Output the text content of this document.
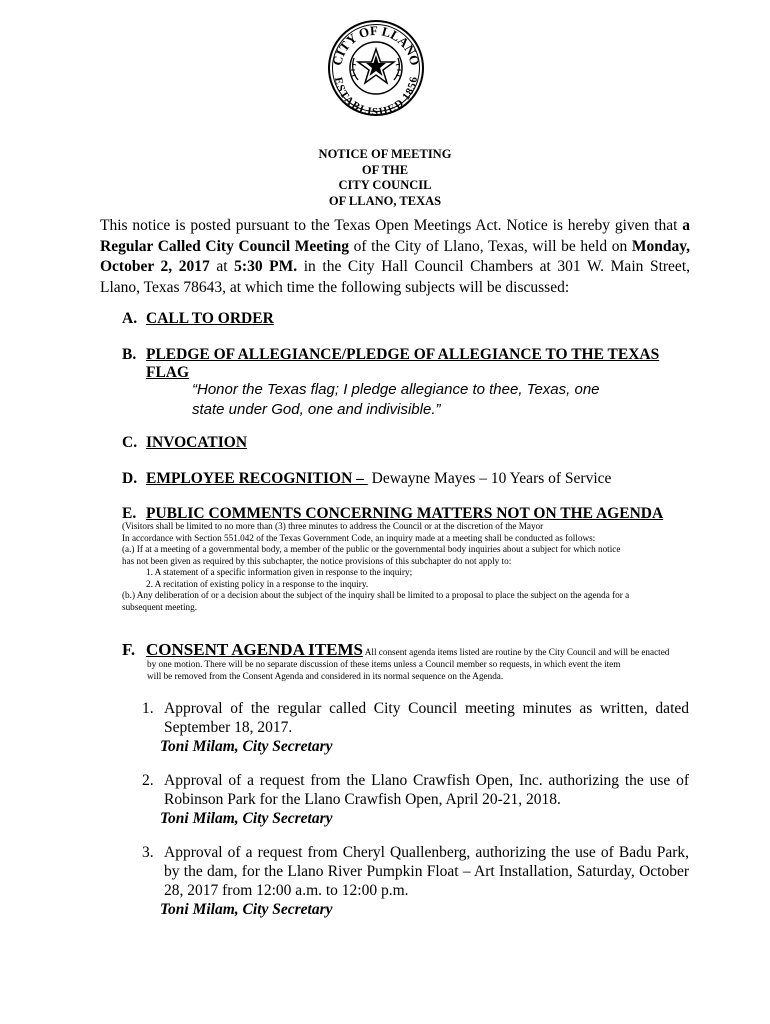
CITY OF LLANO
ESTABLISHED 1856
NOTICE OF MEETING
OF THE
CITY COUNCIL
OF LLANO, TEXAS
This notice is posted pursuant to the Texas Open Meetings Act. Notice is hereby given that a Regular Called City Council Meeting of the City of Llano, Texas, will be held on Monday, October 2, 2017 at 5:30 PM. in the City Hall Council Chambers at 301 W. Main Street, Llano, Texas 78643, at which time the following subjects will be discussed:
A. CALL TO ORDER
B. PLEDGE OF ALLEGIANCE/PLEDGE OF ALLEGIANCE TO THE TEXAS
FLAG
“Honor the Texas flag; I pledge allegiance to thee, Texas, one
state under God, one and indivisible.”
C. INVOCATION
D. EMPLOYEE RECOGNITION –  Dewayne Mayes – 10 Years of Service
E. PUBLIC COMMENTS CONCERNING MATTERS NOT ON THE AGENDA
(Visitors shall be limited to no more than (3) three minutes to address the Council or at the discretion of the Mayor
In accordance with Section 551.042 of the Texas Government Code, an inquiry made at a meeting shall be conducted as follows:
(a.) If at a meeting of a governmental body, a member of the public or the governmental body inquiries about a subject for which notice
has not been given as required by this subchapter, the notice provisions of this subchapter do not apply to:
1. A statement of a specific information given in response to the inquiry;
2. A recitation of existing policy in a response to the inquiry.
(b.) Any deliberation of or a decision about the subject of the inquiry shall be limited to a proposal to place the subject on the agenda for a
subsequent meeting.
F. CONSENT AGENDA ITEMS All consent agenda items listed are routine by the City Council and will be enacted
by one motion. There will be no separate discussion of these items unless a Council member so requests, in which event the item
will be removed from the Consent Agenda and considered in its normal sequence on the Agenda.
1. Approval of the regular called City Council meeting minutes as written, dated September 18, 2017.
Toni Milam, City Secretary
2. Approval of a request from the Llano Crawfish Open, Inc. authorizing the use of Robinson Park for the Llano Crawfish Open, April 20-21, 2018.
Toni Milam, City Secretary
3. Approval of a request from Cheryl Quallenberg, authorizing the use of Badu Park, by the dam, for the Llano River Pumpkin Float – Art Installation, Saturday, October 28, 2017 from 12:00 a.m. to 12:00 p.m.
Toni Milam, City Secretary
